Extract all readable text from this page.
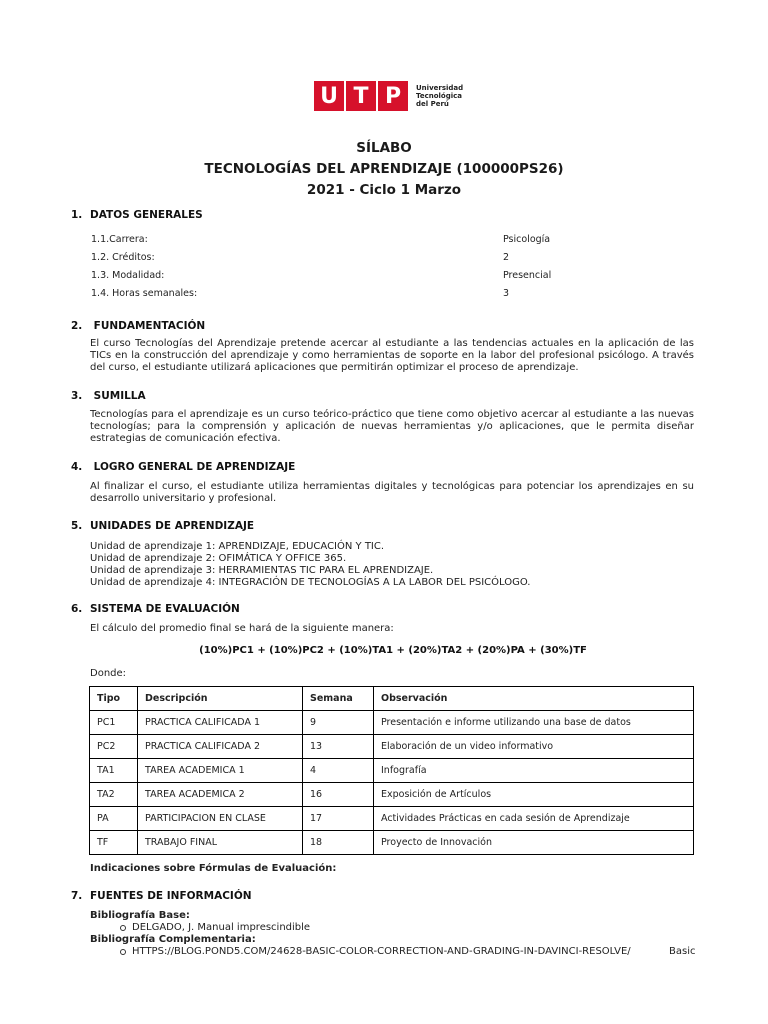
U T P	Universidad
Tecnológica
del Perú
SÍLABO
TECNOLOGÍAS DEL APRENDIZAJE (100000PS26)
2021 - Ciclo 1 Marzo
1. DATOS GENERALES
1.1.Carrera:	Psicología
1.2. Créditos:	2
1.3. Modalidad:	Presencial
1.4. Horas semanales:	3
2. FUNDAMENTACIÓN
El curso Tecnologías del Aprendizaje pretende acercar al estudiante a las tendencias actuales en la aplicación de las TICs en la construcción del aprendizaje y como herramientas de soporte en la labor del profesional psicólogo. A través del curso, el estudiante utilizará aplicaciones que permitirán optimizar el proceso de aprendizaje.
3. SUMILLA
Tecnologías para el aprendizaje es un curso teórico-práctico que tiene como objetivo acercar al estudiante a las nuevas tecnologías; para la comprensión y aplicación de nuevas herramientas y/o aplicaciones, que le permita diseñar estrategias de comunicación efectiva.
4. LOGRO GENERAL DE APRENDIZAJE
Al finalizar el curso, el estudiante utiliza herramientas digitales y tecnológicas para potenciar los aprendizajes en su desarrollo universitario y profesional.
5. UNIDADES DE APRENDIZAJE
Unidad de aprendizaje 1: APRENDIZAJE, EDUCACIÓN Y TIC.
Unidad de aprendizaje 2: OFIMÁTICA Y OFFICE 365.
Unidad de aprendizaje 3: HERRAMIENTAS TIC PARA EL APRENDIZAJE.
Unidad de aprendizaje 4: INTEGRACIÓN DE TECNOLOGÍAS A LA LABOR DEL PSICÓLOGO.
6. SISTEMA DE EVALUACIÓN
El cálculo del promedio final se hará de la siguiente manera:
(10%)PC1 + (10%)PC2 + (10%)TA1 + (20%)TA2 + (20%)PA + (30%)TF
Donde:
Tipo	Descripción	Semana	Observación
PC1	PRACTICA CALIFICADA 1	9	Presentación e informe utilizando una base de datos
PC2	PRACTICA CALIFICADA 2	13	Elaboración de un video informativo
TA1	TAREA ACADEMICA 1	4	Infografía
TA2	TAREA ACADEMICA 2	16	Exposición de Artículos
PA	PARTICIPACION EN CLASE	17	Actividades Prácticas en cada sesión de Aprendizaje
TF	TRABAJO FINAL	18	Proyecto de Innovación
Indicaciones sobre Fórmulas de Evaluación:
7. FUENTES DE INFORMACIÓN
Bibliografía Base:
DELGADO, J. Manual imprescindible
Bibliografía Complementaria:
HTTPS://BLOG.POND5.COM/24628-BASIC-COLOR-CORRECTION-AND-GRADING-IN-DAVINCI-RESOLVE/	Basic
